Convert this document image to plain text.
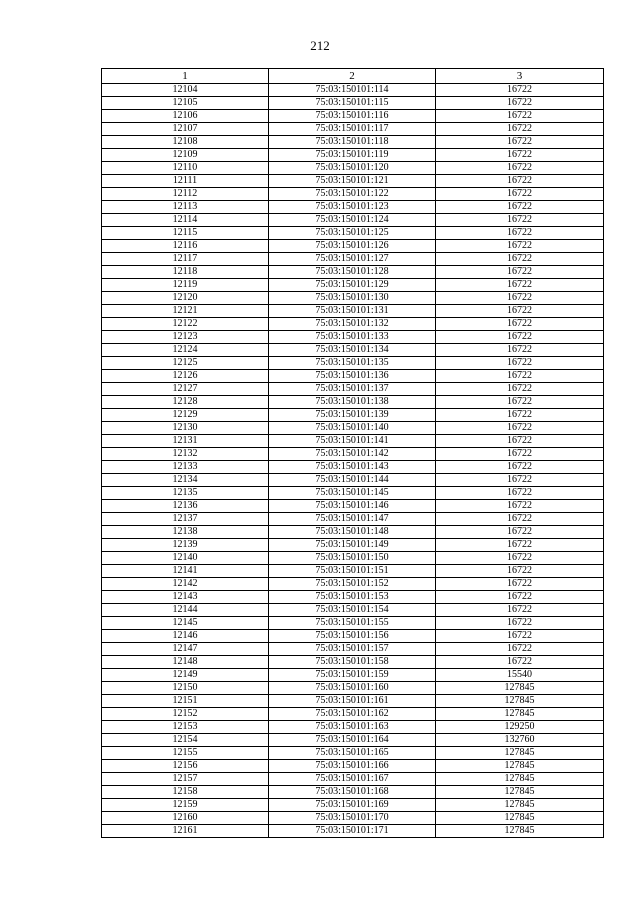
212
1	2	3
12104	75:03:150101:114	16722
12105	75:03:150101:115	16722
12106	75:03:150101:116	16722
12107	75:03:150101:117	16722
12108	75:03:150101:118	16722
12109	75:03:150101:119	16722
12110	75:03:150101:120	16722
12111	75:03:150101:121	16722
12112	75:03:150101:122	16722
12113	75:03:150101:123	16722
12114	75:03:150101:124	16722
12115	75:03:150101:125	16722
12116	75:03:150101:126	16722
12117	75:03:150101:127	16722
12118	75:03:150101:128	16722
12119	75:03:150101:129	16722
12120	75:03:150101:130	16722
12121	75:03:150101:131	16722
12122	75:03:150101:132	16722
12123	75:03:150101:133	16722
12124	75:03:150101:134	16722
12125	75:03:150101:135	16722
12126	75:03:150101:136	16722
12127	75:03:150101:137	16722
12128	75:03:150101:138	16722
12129	75:03:150101:139	16722
12130	75:03:150101:140	16722
12131	75:03:150101:141	16722
12132	75:03:150101:142	16722
12133	75:03:150101:143	16722
12134	75:03:150101:144	16722
12135	75:03:150101:145	16722
12136	75:03:150101:146	16722
12137	75:03:150101:147	16722
12138	75:03:150101:148	16722
12139	75:03:150101:149	16722
12140	75:03:150101:150	16722
12141	75:03:150101:151	16722
12142	75:03:150101:152	16722
12143	75:03:150101:153	16722
12144	75:03:150101:154	16722
12145	75:03:150101:155	16722
12146	75:03:150101:156	16722
12147	75:03:150101:157	16722
12148	75:03:150101:158	16722
12149	75:03:150101:159	15540
12150	75:03:150101:160	127845
12151	75:03:150101:161	127845
12152	75:03:150101:162	127845
12153	75:03:150101:163	129250
12154	75:03:150101:164	132760
12155	75:03:150101:165	127845
12156	75:03:150101:166	127845
12157	75:03:150101:167	127845
12158	75:03:150101:168	127845
12159	75:03:150101:169	127845
12160	75:03:150101:170	127845
12161	75:03:150101:171	127845
